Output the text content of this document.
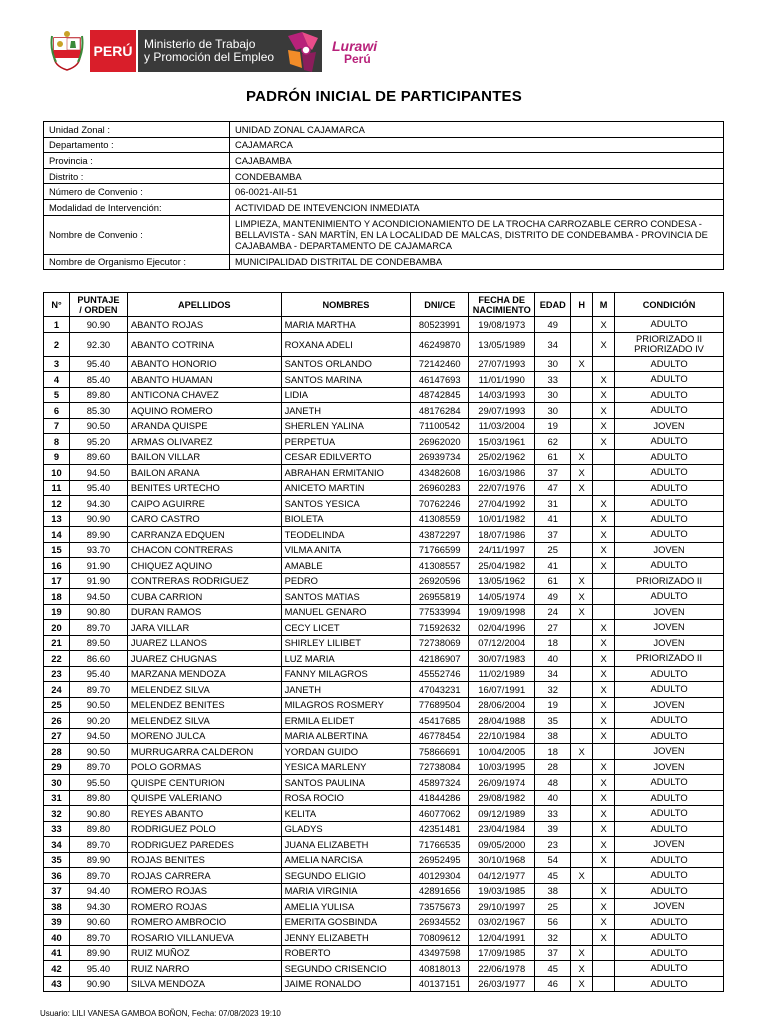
PERÚ Ministerio de Trabajo
y Promoción del Empleo
Lurawi
Perú
PADRÓN INICIAL DE PARTICIPANTES
Unidad Zonal :	UNIDAD ZONAL CAJAMARCA
Departamento :	CAJAMARCA
Provincia :	CAJABAMBA
Distrito :	CONDEBAMBA
Número de Convenio :	06-0021-AII-51
Modalidad de Intervención:	ACTIVIDAD DE INTEVENCION INMEDIATA
Nombre de Convenio :	LIMPIEZA, MANTENIMIENTO Y ACONDICIONAMIENTO DE LA TROCHA CARROZABLE CERRO CONDESA - BELLAVISTA - SAN MARTÍN, EN LA LOCALIDAD DE MALCAS, DISTRITO DE CONDEBAMBA - PROVINCIA DE CAJABAMBA - DEPARTAMENTO DE CAJAMARCA
Nombre de Organismo Ejecutor :	MUNICIPALIDAD DISTRITAL DE CONDEBAMBA
N°	PUNTAJE
/ ORDEN	APELLIDOS	NOMBRES	DNI/CE	FECHA DE
NACIMIENTO	EDAD	H	M	CONDICIÓN
1	90.90	ABANTO ROJAS	MARIA MARTHA	80523991	19/08/1973	49		X	ADULTO
2	92.30	ABANTO COTRINA	ROXANA ADELI	46249870	13/05/1989	34		X	PRIORIZADO II
PRIORIZADO IV
3	95.40	ABANTO HONORIO	SANTOS ORLANDO	72142460	27/07/1993	30	X		ADULTO
4	85.40	ABANTO HUAMAN	SANTOS MARINA	46147693	11/01/1990	33		X	ADULTO
5	89.80	ANTICONA CHAVEZ	LIDIA	48742845	14/03/1993	30		X	ADULTO
6	85.30	AQUINO ROMERO	JANETH	48176284	29/07/1993	30		X	ADULTO
7	90.50	ARANDA QUISPE	SHERLEN YALINA	71100542	11/03/2004	19		X	JOVEN
8	95.20	ARMAS OLIVAREZ	PERPETUA	26962020	15/03/1961	62		X	ADULTO
9	89.60	BAILON VILLAR	CESAR EDILVERTO	26939734	25/02/1962	61	X		ADULTO
10	94.50	BAILON ARANA	ABRAHAN ERMITANIO	43482608	16/03/1986	37	X		ADULTO
11	95.40	BENITES URTECHO	ANICETO MARTIN	26960283	22/07/1976	47	X		ADULTO
12	94.30	CAIPO AGUIRRE	SANTOS YESICA	70762246	27/04/1992	31		X	ADULTO
13	90.90	CARO CASTRO	BIOLETA	41308559	10/01/1982	41		X	ADULTO
14	89.90	CARRANZA EDQUEN	TEODELINDA	43872297	18/07/1986	37		X	ADULTO
15	93.70	CHACON CONTRERAS	VILMA ANITA	71766599	24/11/1997	25		X	JOVEN
16	91.90	CHIQUEZ AQUINO	AMABLE	41308557	25/04/1982	41		X	ADULTO
17	91.90	CONTRERAS RODRIGUEZ	PEDRO	26920596	13/05/1962	61	X		PRIORIZADO II
18	94.50	CUBA CARRION	SANTOS MATIAS	26955819	14/05/1974	49	X		ADULTO
19	90.80	DURAN RAMOS	MANUEL GENARO	77533994	19/09/1998	24	X		JOVEN
20	89.70	JARA VILLAR	CECY LICET	71592632	02/04/1996	27		X	JOVEN
21	89.50	JUAREZ LLANOS	SHIRLEY LILIBET	72738069	07/12/2004	18		X	JOVEN
22	86.60	JUAREZ CHUGNAS	LUZ MARIA	42186907	30/07/1983	40		X	PRIORIZADO II
23	95.40	MARZANA MENDOZA	FANNY MILAGROS	45552746	11/02/1989	34		X	ADULTO
24	89.70	MELENDEZ SILVA	JANETH	47043231	16/07/1991	32		X	ADULTO
25	90.50	MELENDEZ BENITES	MILAGROS ROSMERY	77689504	28/06/2004	19		X	JOVEN
26	90.20	MELENDEZ SILVA	ERMILA ELIDET	45417685	28/04/1988	35		X	ADULTO
27	94.50	MORENO JULCA	MARIA ALBERTINA	46778454	22/10/1984	38		X	ADULTO
28	90.50	MURRUGARRA CALDERON	YORDAN GUIDO	75866691	10/04/2005	18	X		JOVEN
29	89.70	POLO GORMAS	YESICA MARLENY	72738084	10/03/1995	28		X	JOVEN
30	95.50	QUISPE CENTURION	SANTOS PAULINA	45897324	26/09/1974	48		X	ADULTO
31	89.80	QUISPE VALERIANO	ROSA ROCIO	41844286	29/08/1982	40		X	ADULTO
32	90.80	REYES ABANTO	KELITA	46077062	09/12/1989	33		X	ADULTO
33	89.80	RODRIGUEZ POLO	GLADYS	42351481	23/04/1984	39		X	ADULTO
34	89.70	RODRIGUEZ PAREDES	JUANA ELIZABETH	71766535	09/05/2000	23		X	JOVEN
35	89.90	ROJAS BENITES	AMELIA NARCISA	26952495	30/10/1968	54		X	ADULTO
36	89.70	ROJAS CARRERA	SEGUNDO ELIGIO	40129304	04/12/1977	45	X		ADULTO
37	94.40	ROMERO ROJAS	MARIA VIRGINIA	42891656	19/03/1985	38		X	ADULTO
38	94.30	ROMERO ROJAS	AMELIA YULISA	73575673	29/10/1997	25		X	JOVEN
39	90.60	ROMERO AMBROCIO	EMERITA GOSBINDA	26934552	03/02/1967	56		X	ADULTO
40	89.70	ROSARIO VILLANUEVA	JENNY ELIZABETH	70809612	12/04/1991	32		X	ADULTO
41	89.90	RUIZ MUÑOZ	ROBERTO	43497598	17/09/1985	37	X		ADULTO
42	95.40	RUIZ NARRO	SEGUNDO CRISENCIO	40818013	22/06/1978	45	X		ADULTO
43	90.90	SILVA MENDOZA	JAIME RONALDO	40137151	26/03/1977	46	X		ADULTO
Usuario: LILI VANESA GAMBOA BOÑON, Fecha: 07/08/2023 19:10
